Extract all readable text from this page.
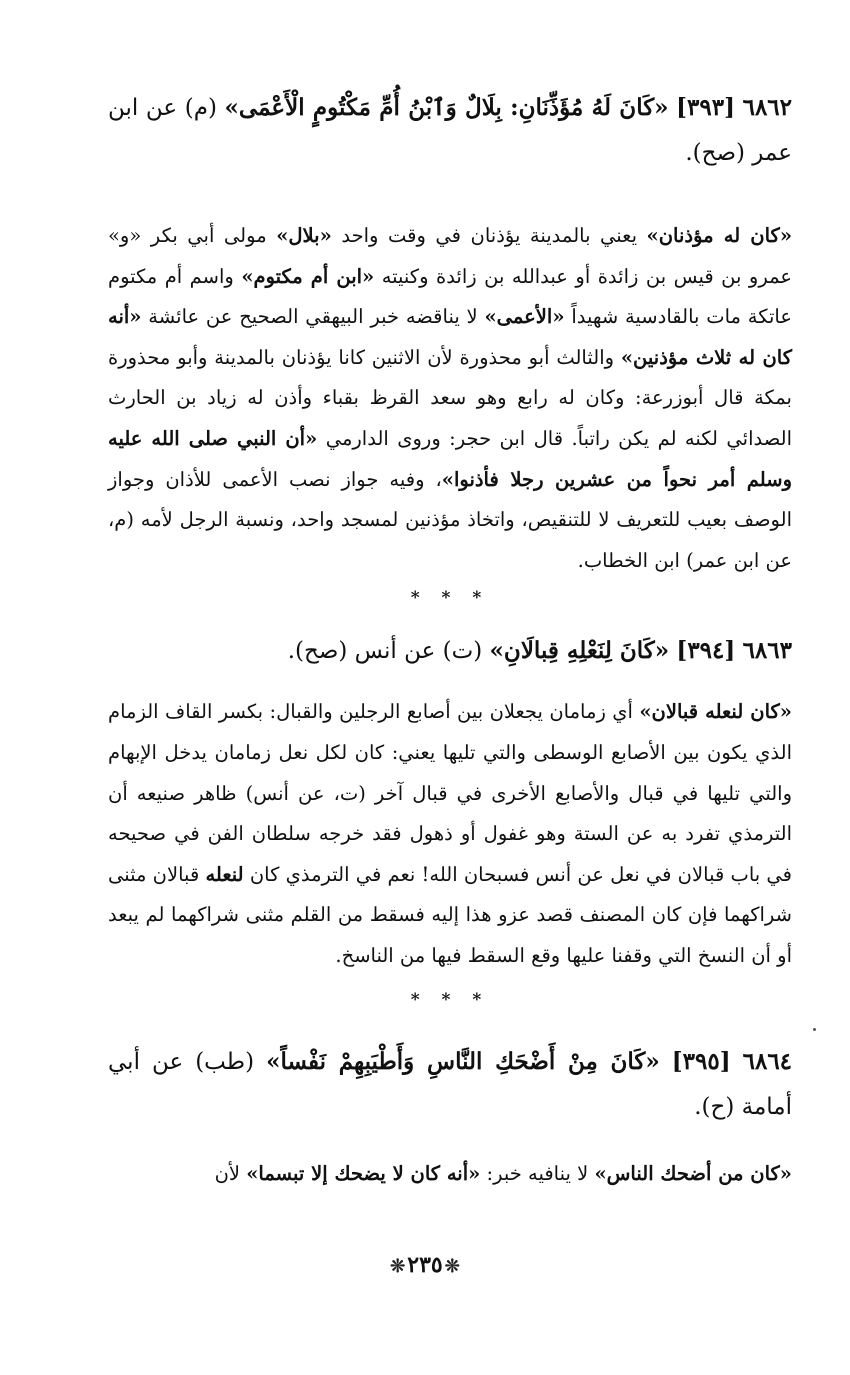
٦٨٦٢ [٣٩٣] «كَانَ لَهُ مُؤَذِّنَانِ: بِلَالٌ وَٱبْنُ أُمِّ مَكْتُومٍ الْأَعْمَى» (م) عن ابن عمر (صح).

«كان له مؤذنان» يعني بالمدينة يؤذنان في وقت واحد «بلال» مولى أبي بكر «و» عمرو بن قيس بن زائدة أو عبدالله بن زائدة وكنيته «ابن أم مكتوم» واسم أم مكتوم عاتكة مات بالقادسية شهيداً «الأعمى» لا يناقضه خبر البيهقي الصحيح عن عائشة «أنه كان له ثلاث مؤذنين» والثالث أبو محذورة لأن الاثنين كانا يؤذنان بالمدينة وأبو محذورة بمكة قال أبوزرعة: وكان له رابع وهو سعد القرظ بقباء وأذن له زياد بن الحارث الصدائي لكنه لم يكن راتباً. قال ابن حجر: وروى الدارمي «أن النبي صلى الله عليه وسلم أمر نحواً من عشرين رجلا فأذنوا»، وفيه جواز نصب الأعمى للأذان وجواز الوصف بعيب للتعريف لا للتنقيص، واتخاذ مؤذنين لمسجد واحد، ونسبة الرجل لأمه (م، عن ابن عمر) ابن الخطاب.

* * *

٦٨٦٣ [٣٩٤] «كَانَ لِنَعْلِهِ قِبالَانِ» (ت) عن أنس (صح).

«كان لنعله قبالان» أي زمامان يجعلان بين أصابع الرجلين والقبال: بكسر القاف الزمام الذي يكون بين الأصابع الوسطى والتي تليها يعني: كان لكل نعل زمامان يدخل الإبهام والتي تليها في قبال والأصابع الأخرى في قبال آخر (ت، عن أنس) ظاهر صنيعه أن الترمذي تفرد به عن الستة وهو غفول أو ذهول فقد خرجه سلطان الفن في صحيحه في باب قبالان في نعل عن أنس فسبحان الله! نعم في الترمذي كان لنعله قبالان مثنى شراكهما فإن كان المصنف قصد عزو هذا إليه فسقط من القلم مثنى شراكهما لم يبعد أو أن النسخ التي وقفنا عليها وقع السقط فيها من الناسخ.

* * *

٦٨٦٤ [٣٩٥] «كَانَ مِنْ أَضْحَكِ النَّاسِ وَأَطْيَبِهِمْ نَفْساً» (طب) عن أبي أمامة (ح).

«كان من أضحك الناس» لا ينافيه خبر: «أنه كان لا يضحك إلا تبسما» لأن

❊٢٣٥❊
